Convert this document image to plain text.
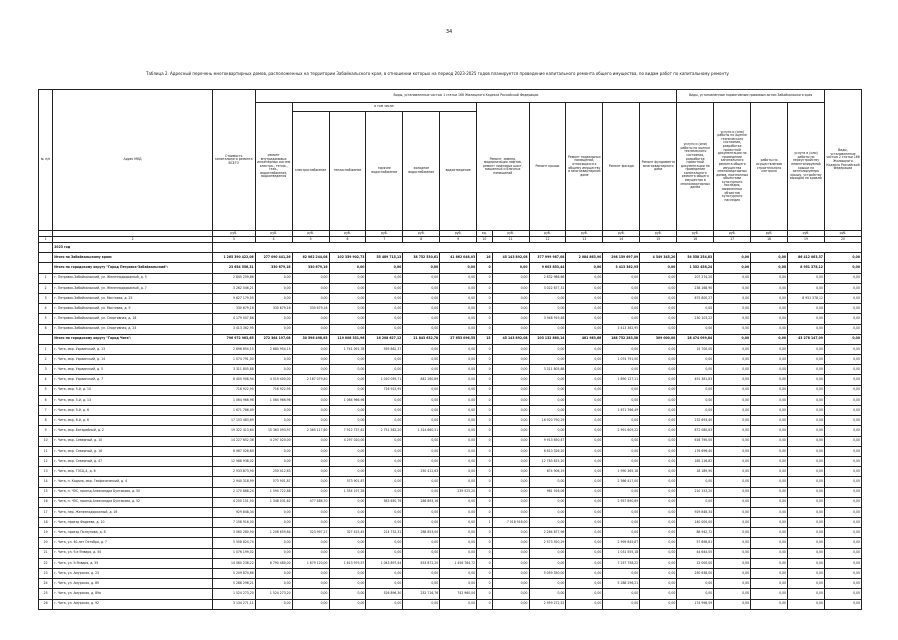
34
Таблица 2. Адресный перечень многоквартирных домов, расположенных на территории Забайкальского края, в отношении которых на период 2023-2025 годов планируется проведение капитального ремонта общего имущества, по видам работ по капитальному ремонту
№ п/п	Адрес МКД	Стоимость капитального ремонта ВСЕГО	Виды, установленные частью 1 статьи 166 Жилищного Кодекса Российской Федерации												Виды, установленные нормативным правовым актом Забайкальского края				Виды, установленные частью 2 статьи 166 Жилищного Кодекса Российской Федерации
			ремонт внутридомовых инженерных систем электро-, тепло-, газо-, водоснабжения, водоотведения	в том числе:					Ремонт, замена, модернизация лифтов, ремонт лифтовых шахт, машинных и блочных помещений		Ремонт крыши	Ремонт подвальных помещений, относящихся к общему имуществу в многоквартирном доме	Ремонт фасада	Ремонт фундамента многоквартирного дома	услуги и (или) работы по оценке технического состояния, разработке проектной документации на проведение капитального ремонта общего имущества в многоквартирных домах	услуги и (или) работы по оценке технического состояния, разработке проектной документации на проведение капитального ремонта общего имущества многоквартирных домов, признанных объектами культурного наследия, выявленных объектов культурного наследия	работы по осуществлению строительного контроля	услуги и (или) работы по переустройству невентилируемой крыши на вентилируемую крышу, устройству выходов на кровлю	
				электроснабжение	теплоснабжение	горячее водоснабжение	холодное водоснабжение	водоотведение											
		руб.	руб.	руб.	руб.	руб.	руб.	руб.	ед.	руб.	руб.	руб.	руб.	руб.	руб.	руб.	руб.	руб.	руб.
1	2	3	4	5	6	7	8	9	10	11	12	13	14	15	16	17	18	19	20
	2023 год																		
	Итого по Забайкальскому краю:	1 265 390 422,06	277 090 441,26	62 062 244,08	102 359 902,73	55 489 715,13	38 752 530,61	41 662 048,03	16	45 143 892,08	377 999 987,08	2 084 863,90	298 159 697,09	4 549 345,20	54 558 254,83	0,00	0,00	86 412 063,37	0,00
	Итого по городскому округу "Город Петровск-Забайкальский":	23 654 556,31	330 679,16	330 679,16	0,00	0,00	0,00	0,00	0	0,00	9 603 853,44	0,00	3 413 362,95	0,00	1 352 458,24	0,00	0,00	8 951 378,12	0,00
1	г. Петровск-Забайкальский, ул. Железнодорожный, д. 5	2 845 259,86	0,00	0,00	0,00	0,00	0,00	0,00	0	0,00	2 632 986,66	0,00	0,00	0,00	207 274,20	0,00	0,00	0,00	0,00
2	г. Петровск-Забайкальский, ул. Железнодорожный, д. 7	3 262 046,21	0,00	0,00	0,00	0,00	0,00	0,00	0	0,00	3 022 877,31	0,00	0,00	0,00	238 168,90	0,00	0,00	0,00	0,00
3	г. Петровск-Забайкальский, ул. Мостовая, д. 25	9 627 179,55	0,00	0,00	0,00	0,00	0,00	0,00	0	0,00	0,00	0,00	0,00	0,00	675 800,27	0,00	0,00	8 951 378,12	0,00
4	г. Петровск-Забайкальский, ул. Мостовая, д. 9	330 679,16	330 679,16	330 679,16	0,00	0,00	0,00	0,00	0	0,00	0,00	0,00	0,00	0,00	0,00	0,00	0,00	0,00	0,00
5	г. Петровск-Забайкальский, ул. Спортивная, д. 18	4 179 007,86	0,00	0,00	0,00	0,00	0,00	0,00	0	0,00	3 948 919,46	0,00	0,00	0,00	230 103,22	0,00	0,00	0,00	0,00
6	г. Петровск-Забайкальский, ул. Спортивная, д. 24	3 413 362,95	0,00	0,00	0,00	0,00	0,00	0,00	0	0,00	0,00	0,00	3 413 362,95	0,00	0,00	0,00	0,00	0,00	0,00
	Итого по городскому округу "Город Чита":	796 972 963,65	272 364 197,08	30 596 498,63	119 008 331,96	16 208 627,12	21 843 632,78	27 653 096,55	15	45 143 892,08	203 132 860,14	481 983,68	188 752 283,58	309 000,00	28 474 099,84	0,00	0,00	43 278 147,09	0,00
1	г. Чита, мкр. Украинский, д. 13	2 696 654,15	2 680 954,15	0,00	1 741 091,78	939 862,37	0,00	0,00	0	0,00	0,00	0,00	0,00	0,00	15 700,00	0,00	0,00	0,00	0,00
2	г. Чита, мкр. Украинский, д. 14	1 074 791,00	0,00	0,00	0,00	0,00	0,00	0,00	0	0,00	0,00	0,00	1 074 791,00	0,00	0,00	0,00	0,00	0,00	0,00
3	г. Чита, мкр. Украинский, д. 5	3 311 805,88	0,00	0,00	0,00	0,00	0,00	0,00	0	0,00	3 311 805,88	0,00	0,00	0,00	0,00	0,00	0,00	0,00	0,00
4	г. Чита, мкр. Украинский, д. 7	6 400 908,94	4 019 400,00	2 167 079,40	0,00	1 010 059,71	842 260,89	0,00	0	0,00	0,00	0,00	1 890 127,11	0,00	491 381,83	0,00	0,00	0,00	0,00
5	г. Чита, мкр. 5-й, д. 10	716 922,95	716 922,95	0,00	0,00	716 922,95	0,00	0,00	0	0,00	0,00	0,00	0,00	0,00	0,00	0,00	0,00	0,00	0,00
6	г. Чита, мкр. 5-й, д. 13	1 064 966,96	1 064 966,96	0,00	1 064 966,96	0,00	0,00	0,00	0	0,00	0,00	0,00	0,00	0,00	0,00	0,00	0,00	0,00	0,00
7	г. Чита, мкр. 5-й, д. 6	1 671 766,49	0,00	0,00	0,00	0,00	0,00	0,00	0	0,00	0,00	0,00	1 671 766,49	0,00	0,00	0,00	0,00	0,00	0,00
8	г. Чита, мкр. 6-й, д. 6	17 153 483,69	0,00	0,00	0,00	0,00	0,00	0,00	0	0,00	16 920 790,29	0,00	0,00	0,00	232 693,40	0,00	0,00	0,00	0,00
9	г. Чита, мкр. Батарейный, д. 2	19 322 413,64	15 363 093,97	2 365 117,60	7 912 737,61	2 751 582,20	1 314 660,51	0,00	0	0,00	0,00	0,00	2 991 609,22	0,00	872 080,63	0,00	0,00	0,00	0,00
10	г. Чита, мкр. Северный, д. 10	14 227 652,36	4 297 020,00	0,00	4 297 020,00	0,00	0,00	0,00	0	0,00	9 913 650,47	0,00	0,00	0,00	616 790,00	0,00	0,00	0,00	0,00
11	г. Чита, мкр. Северный, д. 16	6 987 026,60	0,00	0,00	0,00	0,00	0,00	0,00	0	0,00	6 810 326,20	0,00	0,00	0,00	176 696,40	0,00	0,00	0,00	0,00
12	г. Чита, мкр. Северный, д. 47	12 988 938,02	0,00	0,00	0,00	0,00	0,00	0,00	0	0,00	12 783 815,20	0,00	0,00	0,00	185 116,82	0,00	0,00	0,00	0,00
13	г. Чита, мкр. ТЭСЦ-4, д. 6	2 933 873,90	250 412,63	0,00	0,00	0,00	250 412,63	0,00	0	0,00	674 906,19	0,00	1 990 365,18	0,00	18 189,90	0,00	0,00	0,00	0,00
14	г. Чита, п. Кадала, мкр. Геофизический, д. 4	2 940 318,99	573 901,87	0,00	573 901,87	0,00	0,00	0,00	0	0,00	0,00	0,00	2 366 417,00	0,00	0,00	0,00	0,00	0,00	0,00
15	г. Чита, п. ЧЭС, проезд Александра Булгакова, д. 50	2 170 868,24	1 594 722,88	0,00	1 354 197,28	0,00	0,00	239 525,20	0	0,00	961 916,06	0,00	0,00	0,00	210 153,20	0,00	0,00	0,00	0,00
16	г. Чита, п. ЧЭС, проезд Александра Булгакова, д. 52	4 250 151,50	1 348 031,62	477 486,70	0,00	583 650,76	286 893,16	0,00	0	0,00	0,00	0,00	2 957 890,69	0,00	0,00	0,00	0,00	0,00	0,00
17	г. Чита, пер. Железнодорожный, д. 16	929 848,34	0,00	0,00	0,00	0,00	0,00	0,00	0	0,00	0,00	0,00	0,00	0,00	929 848,34	0,00	0,00	0,00	0,00
18	г. Чита, проезд Фадеева, д. 10	7 158 916,00	0,00	0,00	0,00	0,00	0,00	0,00	1	7 018 916,00	0,00	0,00	0,00	0,00	140 000,00	0,00	0,00	0,00	0,00
19	г. Чита, проезд Ползунова, д. 8	3 560 280,90	1 206 659,84	323 997,27	327 415,45	214 732,31	288 853,00	0,00	0	0,00	2 264 877,96	0,00	0,00	0,00	88 942,72	0,00	0,00	0,00	0,00
20	г. Чита, ул. 40-лет Октября, д. 7	5 558 824,74	0,00	0,00	0,00	0,00	0,00	0,00	0	0,00	2 573 920,29	0,00	2 999 845,87	0,00	57 698,61	0,00	0,00	0,00	0,00
21	г. Чита, ул. 9-е Января, д. 54	1 076 199,02	0,00	0,00	0,00	0,00	0,00	0,00	0	0,00	0,00	0,00	1 031 555,18	0,00	44 644,05	0,00	0,00	0,00	0,00
22	г. Чита, ул. 9-Января, д. 55	14 060 238,22	6 790 480,00	1 679 120,00	1 613 979,57	1 043 897,44	633 872,20	1 456 764,72	0	0,00	0,00	0,00	7 257 758,22	0,00	12 000,00	0,00	0,00	0,00	0,00
23	г. Чита, ул. Амурская, д. 23	5 209 874,66	0,00	0,00	0,00	0,00	0,00	0,00	0	0,00	5 059 350,00	0,00	0,00	0,00	250 638,00	0,00	0,00	0,00	0,00
24	г. Чита, ул. Амурская, д. 89	5 288 296,21	0,00	0,00	0,00	0,00	0,00	0,00	0	0,00	0,00	0,00	5 288 296,21	0,00	0,00	0,00	0,00	0,00	0,00
25	г. Чита, ул. Амурская, д. 89а	1 524 273,20	1 524 273,20	0,00	0,00	526 896,30	252 716,76	742 960,04	0	0,00	0,00	0,00	0,00	0,00	0,00	0,00	0,00	0,00	0,00
26	г. Чита, ул. Амурская, д. 92	3 134 271,11	0,00	0,00	0,00	0,00	0,00	0,00	0	0,00	2 959 272,52	0,00	0,00	0,00	174 998,59	0,00	0,00	0,00	0,00
